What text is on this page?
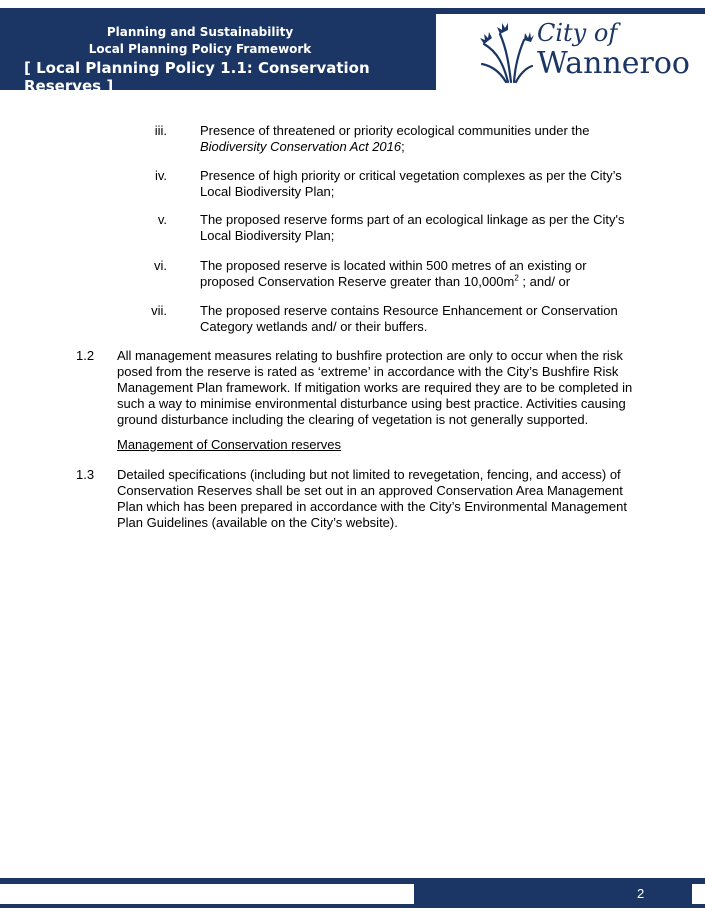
Planning and Sustainability
Local Planning Policy Framework
[ Local Planning Policy 1.1: Conservation Reserves ]
City of
Wanneroo
iii.	Presence of threatened or priority ecological communities under the
Biodiversity Conservation Act 2016;
iv.	Presence of high priority or critical vegetation complexes as per the City’s
Local Biodiversity Plan;
v.	The proposed reserve forms part of an ecological linkage as per the City's
Local Biodiversity Plan;
vi.	The proposed reserve is located within 500 metres of an existing or
proposed Conservation Reserve greater than $10,000m^2$ ; and/ or
vii.	The proposed reserve contains Resource Enhancement or Conservation
Category wetlands and/ or their buffers.
1.2 All management measures relating to bushfire protection are only to occur when the risk
posed from the reserve is rated as ‘extreme’ in accordance with the City’s Bushfire Risk
Management Plan framework. If mitigation works are required they are to be completed in
such a way to minimise environmental disturbance using best practice. Activities causing
ground disturbance including the clearing of vegetation is not generally supported.
Management of Conservation reserves
1.3 Detailed specifications (including but not limited to revegetation, fencing, and access) of
Conservation Reserves shall be set out in an approved Conservation Area Management
Plan which has been prepared in accordance with the City’s Environmental Management
Plan Guidelines (available on the City’s website).
2
